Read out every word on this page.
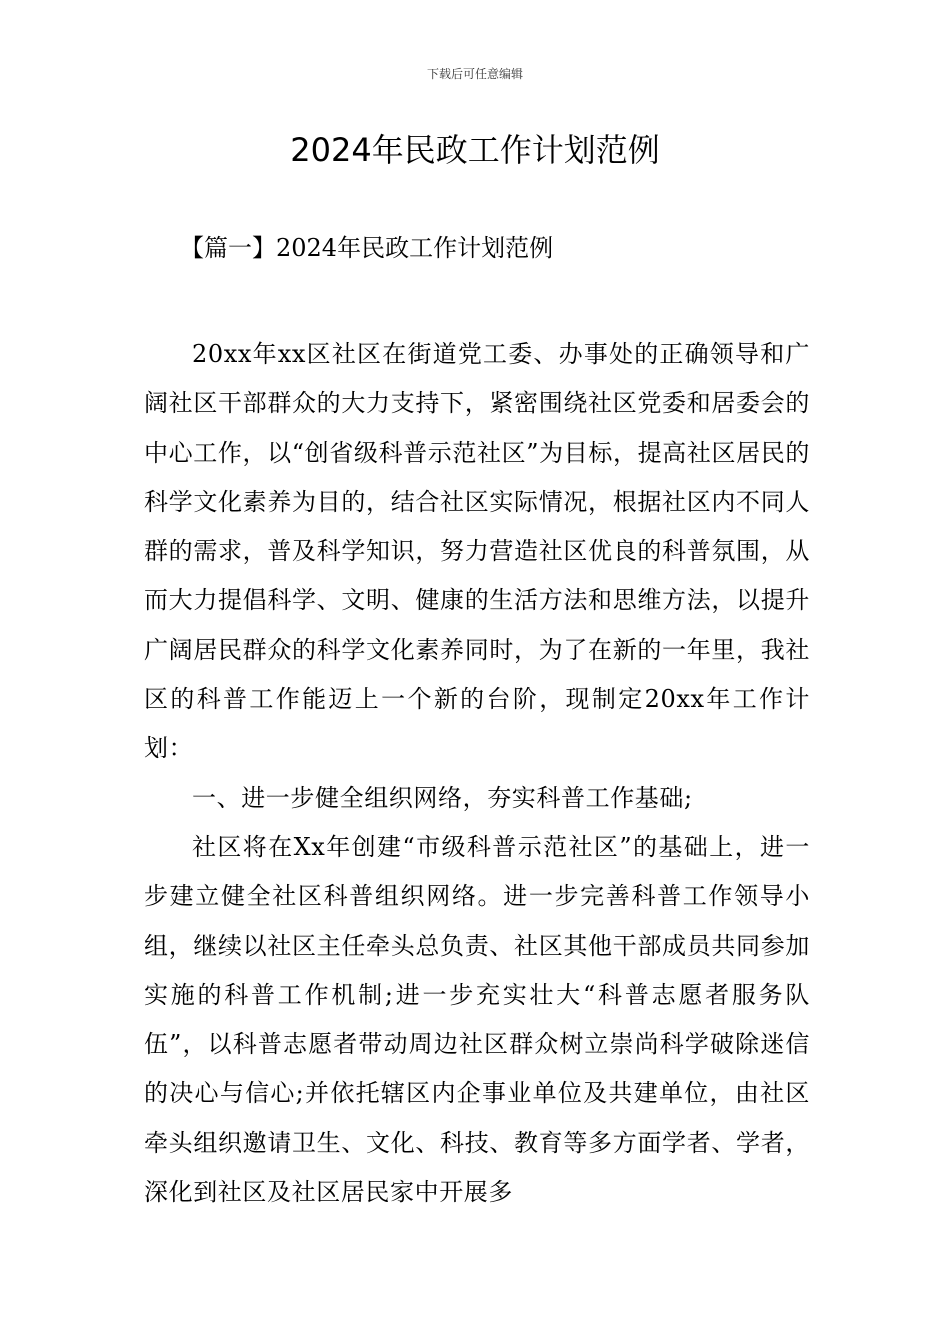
下载后可任意编辑
2024年民政工作计划范例
【篇一】2024年民政工作计划范例

20xx年xx区社区在街道党工委、办事处的正确领导和广阔社区干部群众的大力支持下，紧密围绕社区党委和居委会的中心工作，以“创省级科普示范社区”为目标，提高社区居民的科学文化素养为目的，结合社区实际情况，根据社区内不同人群的需求，普及科学知识，努力营造社区优良的科普氛围，从而大力提倡科学、文明、健康的生活方法和思维方法，以提升广阔居民群众的科学文化素养同时，为了在新的一年里，我社区的科普工作能迈上一个新的台阶，现制定20xx年工作计划：

一、进一步健全组织网络，夯实科普工作基础;

社区将在Xx年创建“市级科普示范社区”的基础上，进一步建立健全社区科普组织网络。进一步完善科普工作领导小组，继续以社区主任牵头总负责、社区其他干部成员共同参加实施的科普工作机制;进一步充实壮大“科普志愿者服务队伍”，以科普志愿者带动周边社区群众树立崇尚科学破除迷信的决心与信心;并依托辖区内企事业单位及共建单位，由社区牵头组织邀请卫生、文化、科技、教育等多方面学者、学者，深化到社区及社区居民家中开展多
